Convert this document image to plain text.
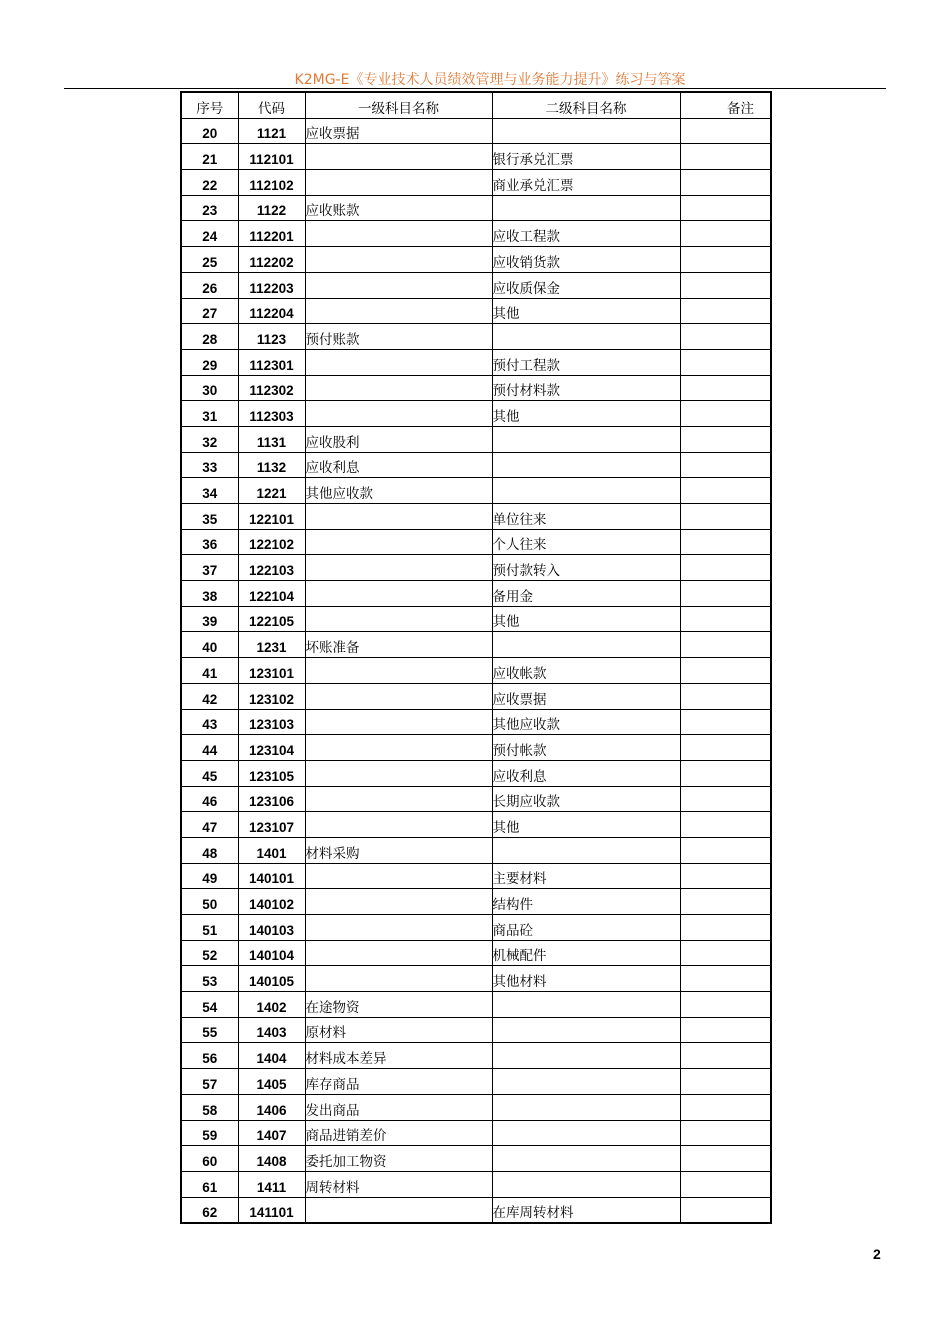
K2MG-E《专业技术人员绩效管理与业务能力提升》练习与答案
序号	代码	一级科目名称	二级科目名称	备注
20	1121	应收票据		
21	112101		银行承兑汇票	
22	112102		商业承兑汇票	
23	1122	应收账款		
24	112201		应收工程款	
25	112202		应收销货款	
26	112203		应收质保金	
27	112204		其他	
28	1123	预付账款		
29	112301		预付工程款	
30	112302		预付材料款	
31	112303		其他	
32	1131	应收股利		
33	1132	应收利息		
34	1221	其他应收款		
35	122101		单位往来	
36	122102		个人往来	
37	122103		预付款转入	
38	122104		备用金	
39	122105		其他	
40	1231	坏账准备		
41	123101		应收帐款	
42	123102		应收票据	
43	123103		其他应收款	
44	123104		预付帐款	
45	123105		应收利息	
46	123106		长期应收款	
47	123107		其他	
48	1401	材料采购		
49	140101		主要材料	
50	140102		结构件	
51	140103		商品砼	
52	140104		机械配件	
53	140105		其他材料	
54	1402	在途物资		
55	1403	原材料		
56	1404	材料成本差异		
57	1405	库存商品		
58	1406	发出商品		
59	1407	商品进销差价		
60	1408	委托加工物资		
61	1411	周转材料		
62	141101		在库周转材料	
2
